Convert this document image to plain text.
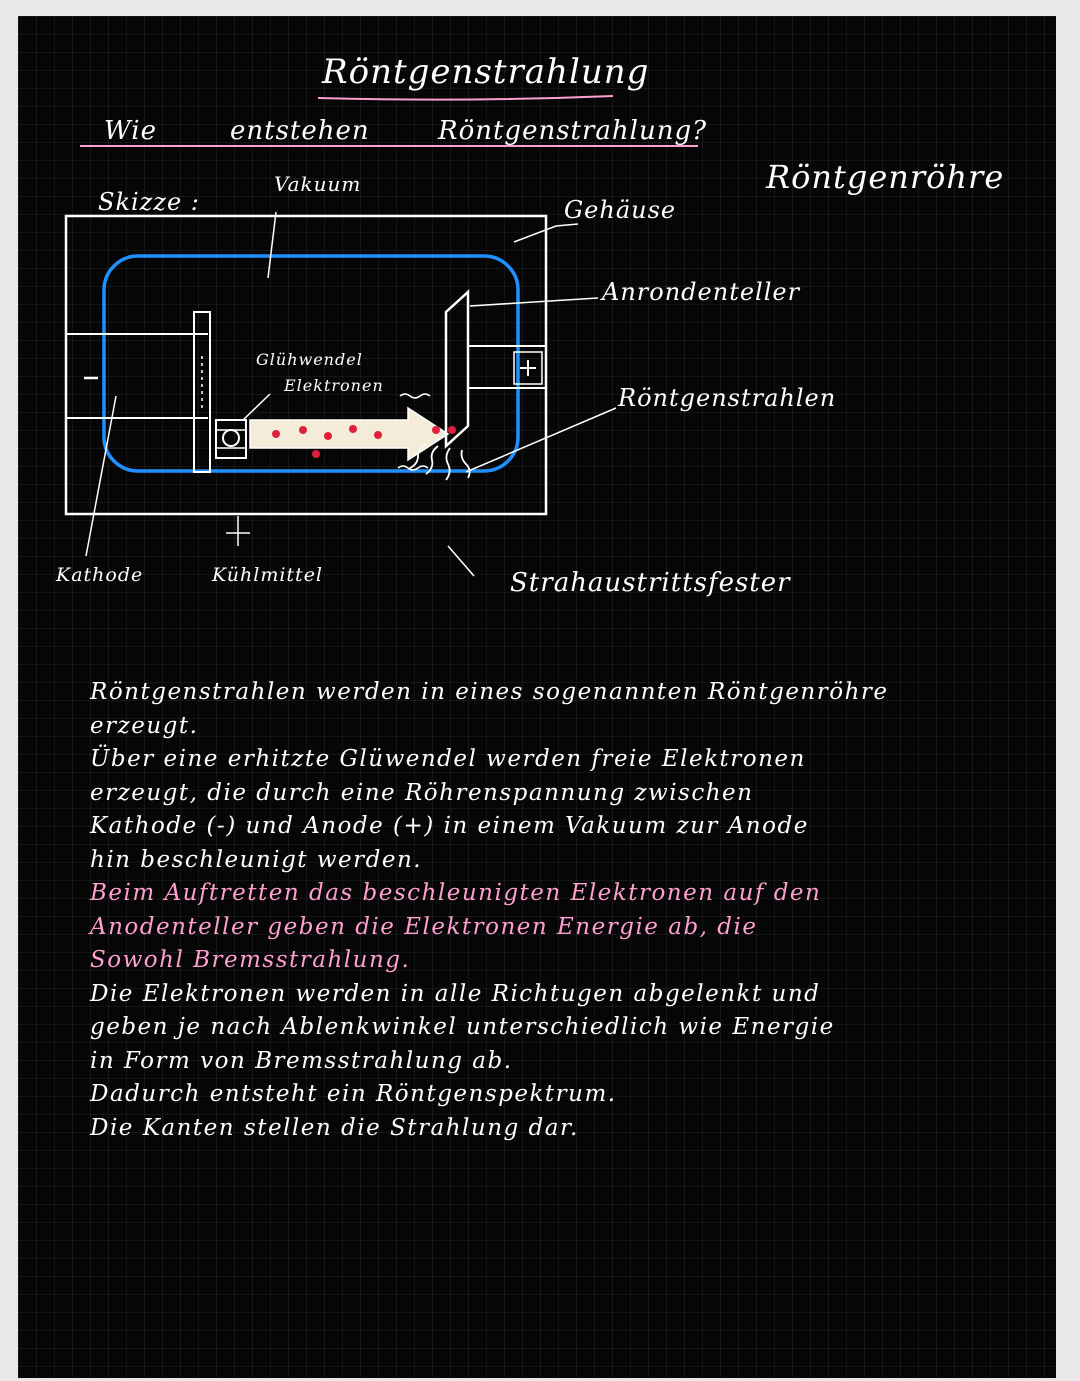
Röntgenstrahlung
Wie	entstehen	Röntgenstrahlung?
Skizze :
Röntgenröhre
Vakuum
Gehäuse
Anrondenteller
Röntgenstrahlen
Glühwendel
Elektronen
Kathode	Kühlmittel	Strahaustrittsfester
Röntgenstrahlen werden in eines sogenannten Röntgenröhre
erzeugt.
Über eine erhitzte Glüwendel werden freie Elektronen
erzeugt, die durch eine Röhrenspannung zwischen
Kathode (-) und Anode (+) in einem Vakuum zur Anode
hin beschleunigt werden.
Beim Auftretten das beschleunigten Elektronen auf den
Anodenteller geben die Elektronen Energie ab, die
Sowohl Bremsstrahlung.
Die Elektronen werden in alle Richtugen abgelenkt und
geben je nach Ablenkwinkel unterschiedlich wie Energie
in Form von Bremsstrahlung ab.
Dadurch entsteht ein Röntgenspektrum.
Die Kanten stellen die Strahlung dar.
